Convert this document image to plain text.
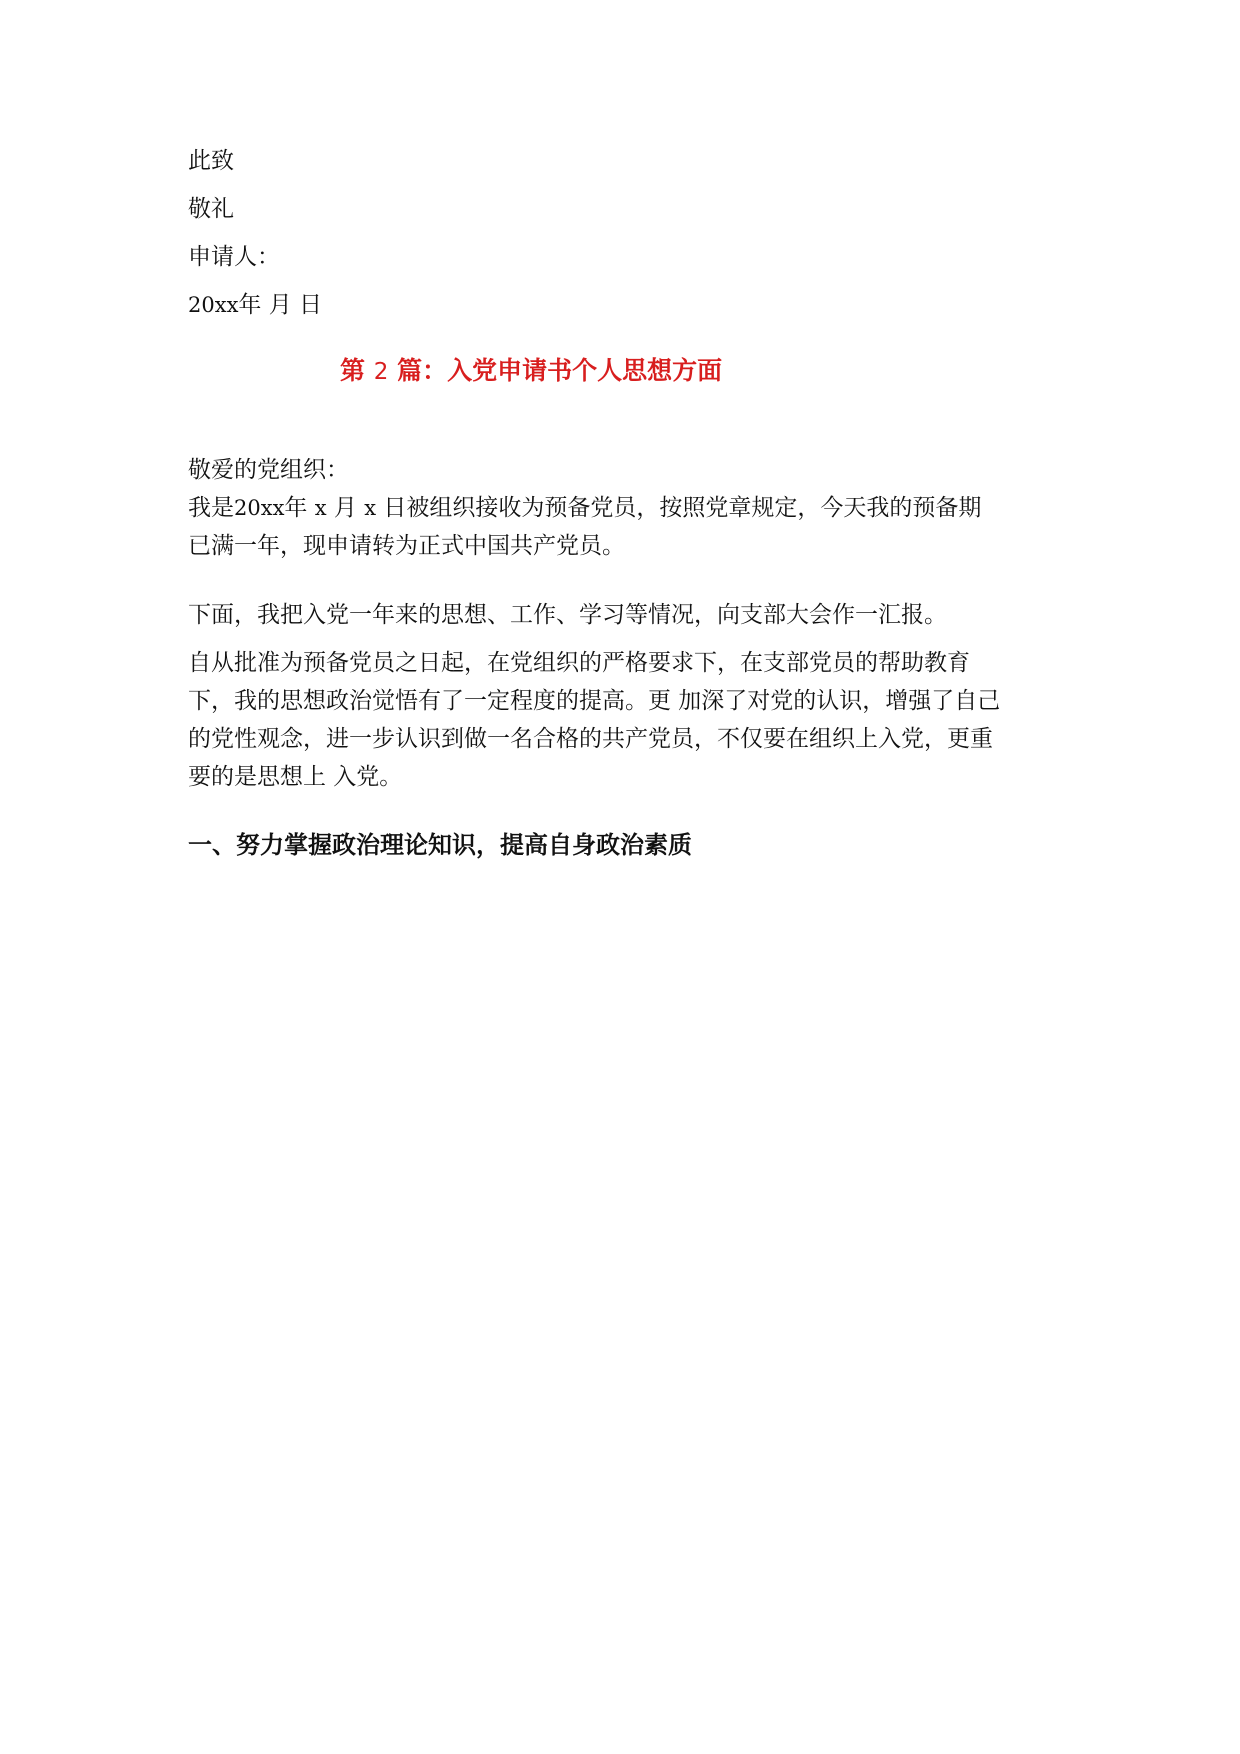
此致
敬礼
申请人：
20xx年 月 日
第 2 篇：入党申请书个人思想方面
敬爱的党组织：
我是20xx年 x 月 x 日被组织接收为预备党员，按照党章规定，今天我的预备期
已满一年，现申请转为正式中国共产党员。
下面，我把入党一年来的思想、工作、学习等情况，向支部大会作一汇报。
自从批准为预备党员之日起，在党组织的严格要求下，在支部党员的帮助教育
下，我的思想政治觉悟有了一定程度的提高。更 加深了对党的认识，增强了自己
的党性观念，进一步认识到做一名合格的共产党员，不仅要在组织上入党，更重
要的是思想上 入党。
一、努力掌握政治理论知识，提高自身政治素质
